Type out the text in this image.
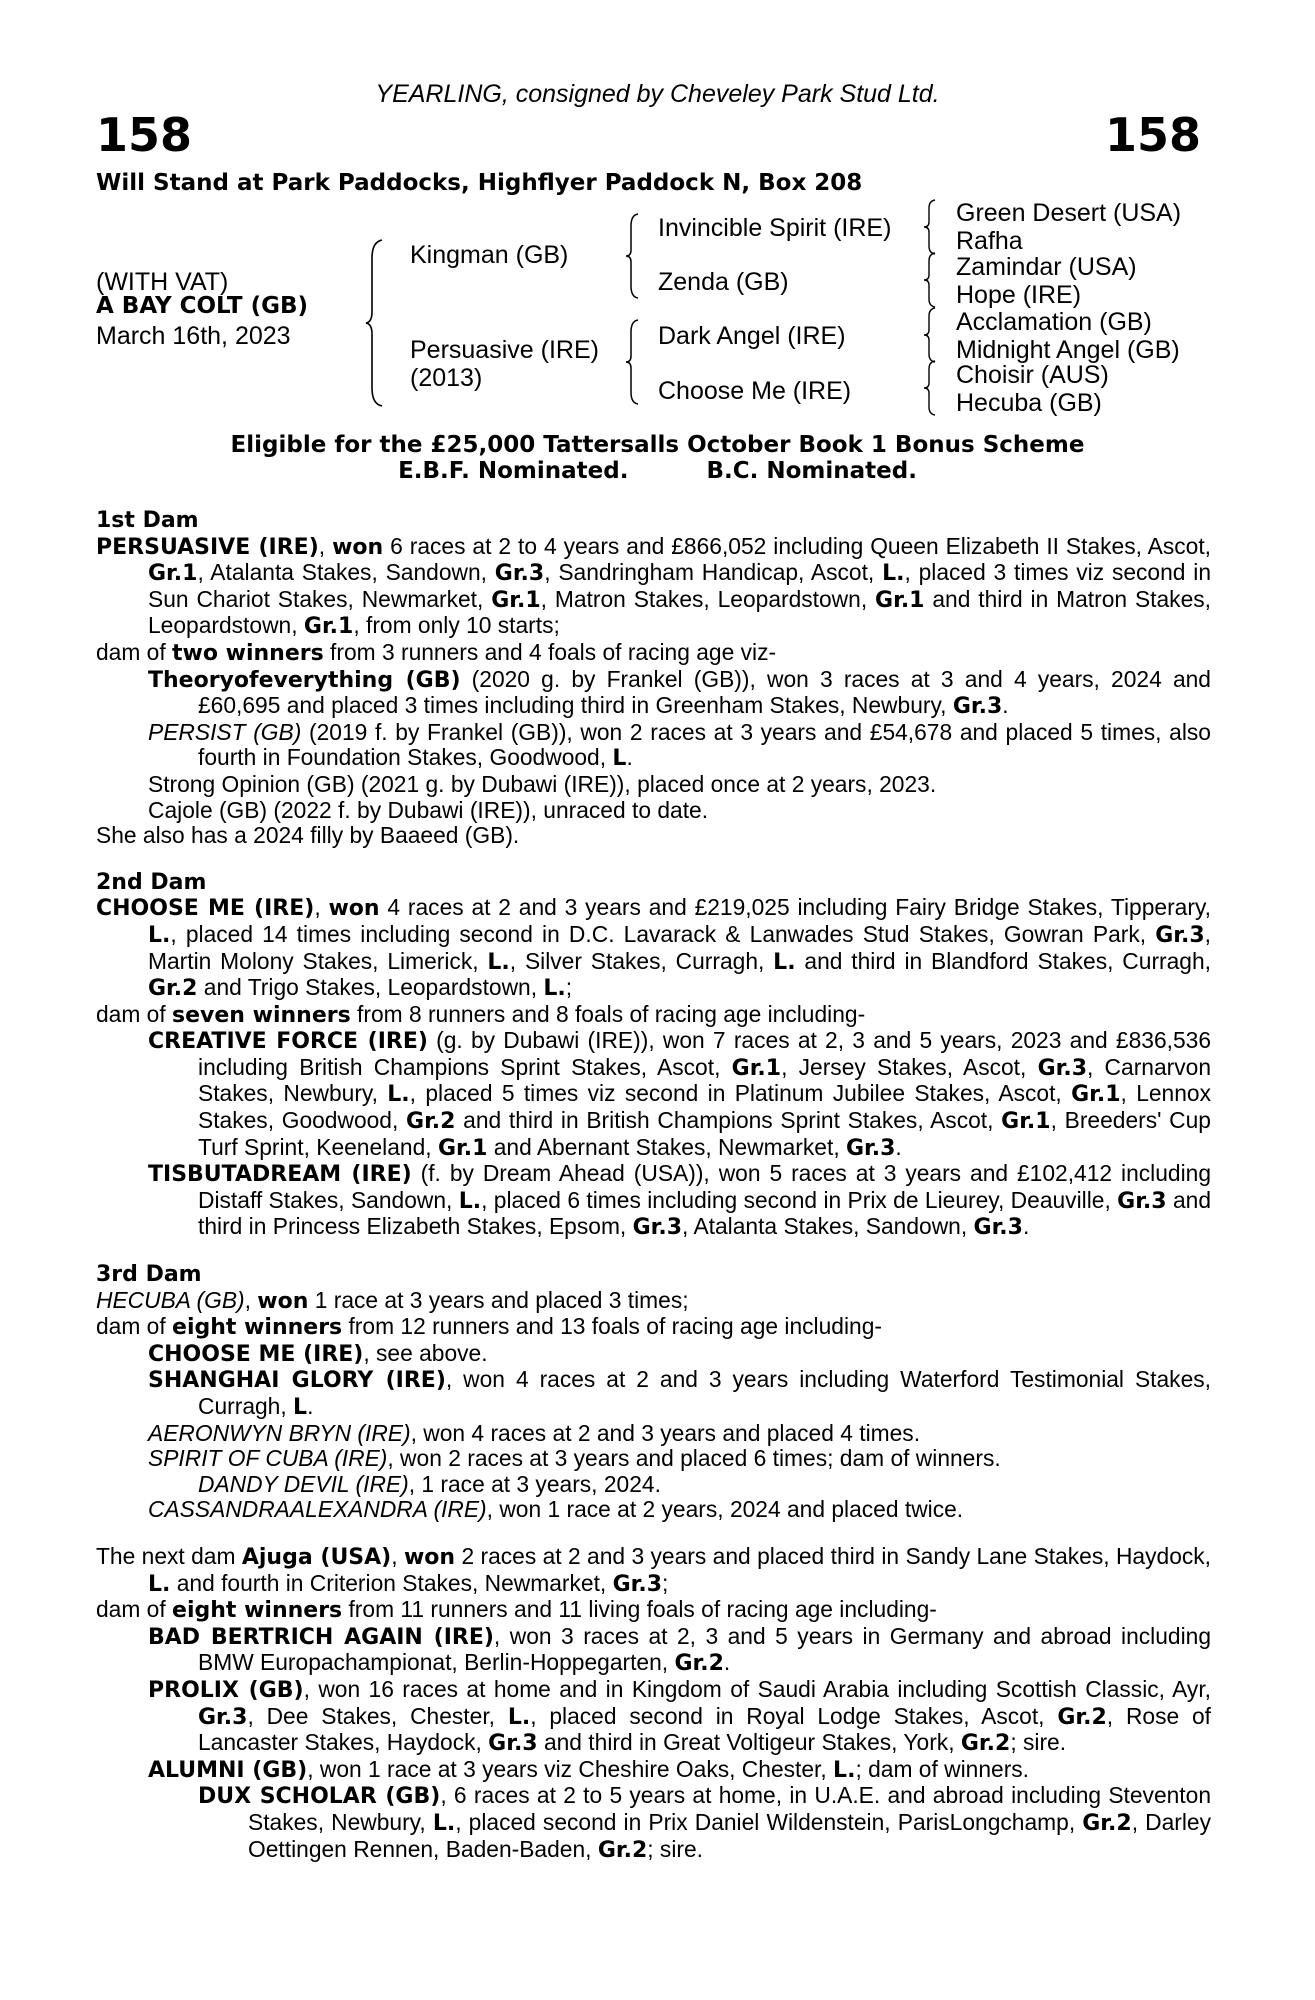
158	158
YEARLING, consigned by Cheveley Park Stud Ltd.
Will Stand at Park Paddocks, Highflyer Paddock N, Box 208
(WITH VAT)
A BAY COLT (GB)
March 16th, 2023
Kingman (GB)
Persuasive (IRE)
(2013)
Invincible Spirit (IRE)
Zenda (GB)
Dark Angel (IRE)
Choose Me (IRE)
Green Desert (USA)
Rafha
Zamindar (USA)
Hope (IRE)
Acclamation (GB)
Midnight Angel (GB)
Choisir (AUS)
Hecuba (GB)
Eligible for the £25,000 Tattersalls October Book 1 Bonus Scheme
E.B.F. Nominated.	B.C. Nominated.

1st Dam

PERSUASIVE (IRE), won 6 races at 2 to 4 years and £866,052 including Queen Elizabeth II Stakes, Ascot, Gr.1, Atalanta Stakes, Sandown, Gr.3, Sandringham Handicap, Ascot, L., placed 3 times viz second in Sun Chariot Stakes, Newmarket, Gr.1, Matron Stakes, Leopardstown, Gr.1 and third in Matron Stakes, Leopardstown, Gr.1, from only 10 starts;

dam of two winners from 3 runners and 4 foals of racing age viz-

Theoryofeverything (GB) (2020 g. by Frankel (GB)), won 3 races at 3 and 4 years, 2024 and £60,695 and placed 3 times including third in Greenham Stakes, Newbury, Gr.3.

PERSIST (GB) (2019 f. by Frankel (GB)), won 2 races at 3 years and £54,678 and placed 5 times, also fourth in Foundation Stakes, Goodwood, L.

Strong Opinion (GB) (2021 g. by Dubawi (IRE)), placed once at 2 years, 2023.

Cajole (GB) (2022 f. by Dubawi (IRE)), unraced to date.

She also has a 2024 filly by Baaeed (GB).

2nd Dam

CHOOSE ME (IRE), won 4 races at 2 and 3 years and £219,025 including Fairy Bridge Stakes, Tipperary, L., placed 14 times including second in D.C. Lavarack & Lanwades Stud Stakes, Gowran Park, Gr.3, Martin Molony Stakes, Limerick, L., Silver Stakes, Curragh, L. and third in Blandford Stakes, Curragh, Gr.2 and Trigo Stakes, Leopardstown, L.;

dam of seven winners from 8 runners and 8 foals of racing age including-

CREATIVE FORCE (IRE) (g. by Dubawi (IRE)), won 7 races at 2, 3 and 5 years, 2023 and £836,536 including British Champions Sprint Stakes, Ascot, Gr.1, Jersey Stakes, Ascot, Gr.3, Carnarvon Stakes, Newbury, L., placed 5 times viz second in Platinum Jubilee Stakes, Ascot, Gr.1, Lennox Stakes, Goodwood, Gr.2 and third in British Champions Sprint Stakes, Ascot, Gr.1, Breeders' Cup Turf Sprint, Keeneland, Gr.1 and Abernant Stakes, Newmarket, Gr.3.

TISBUTADREAM (IRE) (f. by Dream Ahead (USA)), won 5 races at 3 years and £102,412 including Distaff Stakes, Sandown, L., placed 6 times including second in Prix de Lieurey, Deauville, Gr.3 and third in Princess Elizabeth Stakes, Epsom, Gr.3, Atalanta Stakes, Sandown, Gr.3.

3rd Dam

HECUBA (GB), won 1 race at 3 years and placed 3 times;

dam of eight winners from 12 runners and 13 foals of racing age including-

CHOOSE ME (IRE), see above.

SHANGHAI GLORY (IRE), won 4 races at 2 and 3 years including Waterford Testimonial Stakes, Curragh, L.

AERONWYN BRYN (IRE), won 4 races at 2 and 3 years and placed 4 times.

SPIRIT OF CUBA (IRE), won 2 races at 3 years and placed 6 times; dam of winners.

DANDY DEVIL (IRE), 1 race at 3 years, 2024.

CASSANDRAALEXANDRA (IRE), won 1 race at 2 years, 2024 and placed twice.

The next dam Ajuga (USA), won 2 races at 2 and 3 years and placed third in Sandy Lane Stakes, Haydock, L. and fourth in Criterion Stakes, Newmarket, Gr.3;

dam of eight winners from 11 runners and 11 living foals of racing age including-

BAD BERTRICH AGAIN (IRE), won 3 races at 2, 3 and 5 years in Germany and abroad including BMW Europachampionat, Berlin-Hoppegarten, Gr.2.

PROLIX (GB), won 16 races at home and in Kingdom of Saudi Arabia including Scottish Classic, Ayr, Gr.3, Dee Stakes, Chester, L., placed second in Royal Lodge Stakes, Ascot, Gr.2, Rose of Lancaster Stakes, Haydock, Gr.3 and third in Great Voltigeur Stakes, York, Gr.2; sire.

ALUMNI (GB), won 1 race at 3 years viz Cheshire Oaks, Chester, L.; dam of winners.

DUX SCHOLAR (GB), 6 races at 2 to 5 years at home, in U.A.E. and abroad including Steventon Stakes, Newbury, L., placed second in Prix Daniel Wildenstein, ParisLongchamp, Gr.2, Darley Oettingen Rennen, Baden-Baden, Gr.2; sire.
